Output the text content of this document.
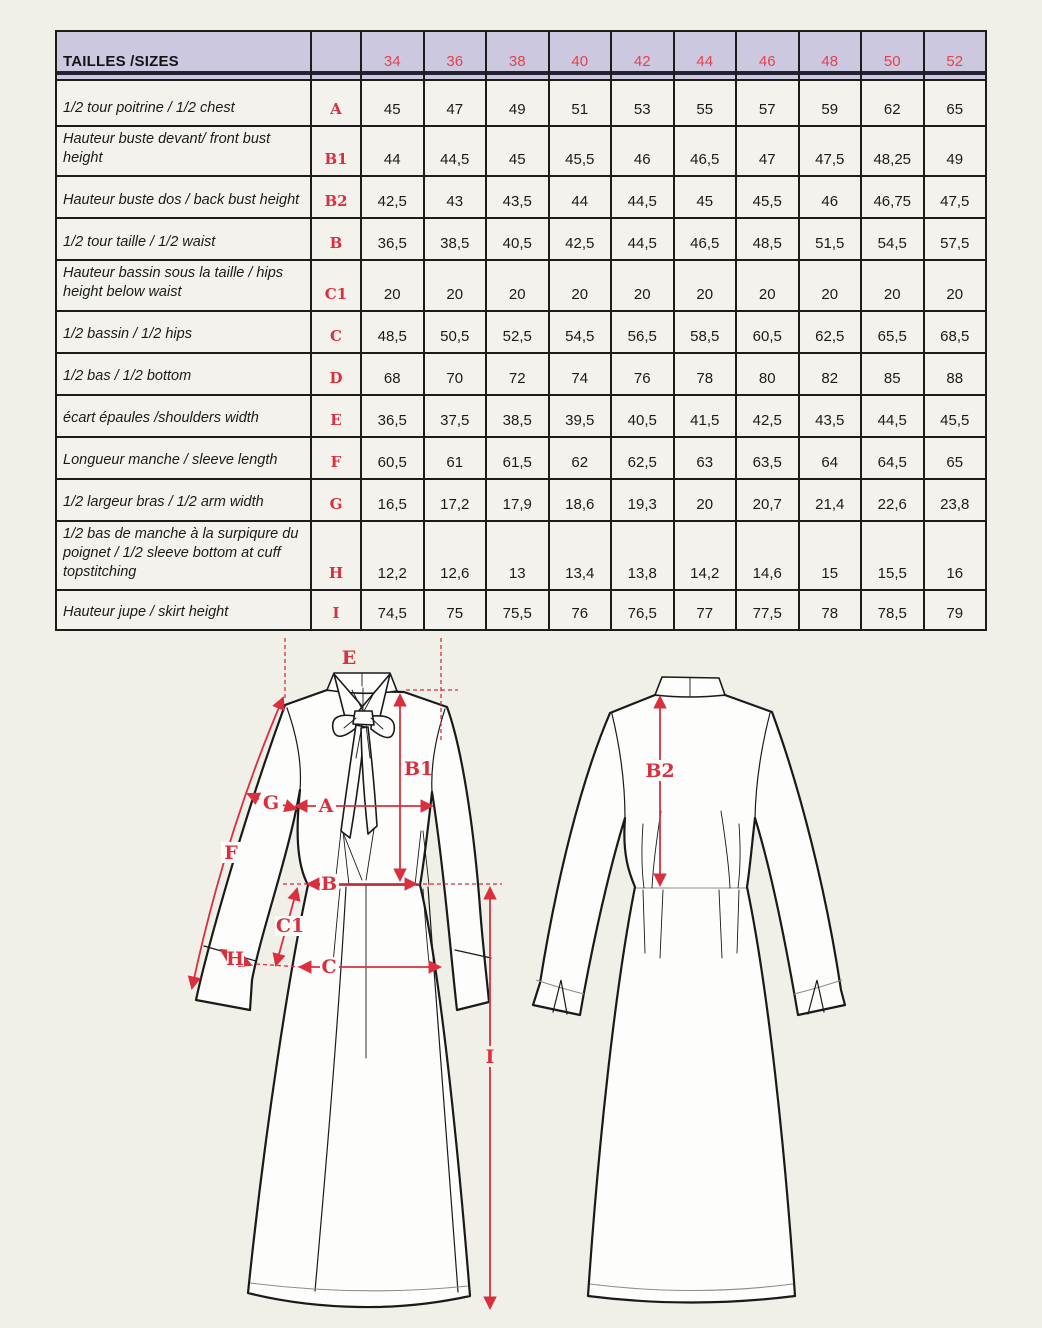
TAILLES /SIZES		34	36	38	40	42	44	46	48	50	52
1/2 tour poitrine / 1/2 chest	A	45	47	49	51	53	55	57	59	62	65
Hauteur buste devant/ front bust height	B1	44	44,5	45	45,5	46	46,5	47	47,5	48,25	49
Hauteur buste dos / back bust height	B2	42,5	43	43,5	44	44,5	45	45,5	46	46,75	47,5
1/2 tour taille / 1/2 waist	B	36,5	38,5	40,5	42,5	44,5	46,5	48,5	51,5	54,5	57,5
Hauteur bassin sous la taille / hips height below waist	C1	20	20	20	20	20	20	20	20	20	20
1/2 bassin / 1/2 hips	C	48,5	50,5	52,5	54,5	56,5	58,5	60,5	62,5	65,5	68,5
1/2 bas / 1/2 bottom	D	68	70	72	74	76	78	80	82	85	88
écart épaules /shoulders width	E	36,5	37,5	38,5	39,5	40,5	41,5	42,5	43,5	44,5	45,5
Longueur manche / sleeve length	F	60,5	61	61,5	62	62,5	63	63,5	64	64,5	65
1/2 largeur bras / 1/2 arm width	G	16,5	17,2	17,9	18,6	19,3	20	20,7	21,4	22,6	23,8
1/2 bas de manche à la surpiqure du poignet / 1/2 sleeve bottom at cuff topstitching	H	12,2	12,6	13	13,4	13,8	14,2	14,6	15	15,5	16
Hauteur jupe / skirt height	I	74,5	75	75,5	76	76,5	77	77,5	78	78,5	79
E
B1
G A
F
B
C1
H	C
I
B2
